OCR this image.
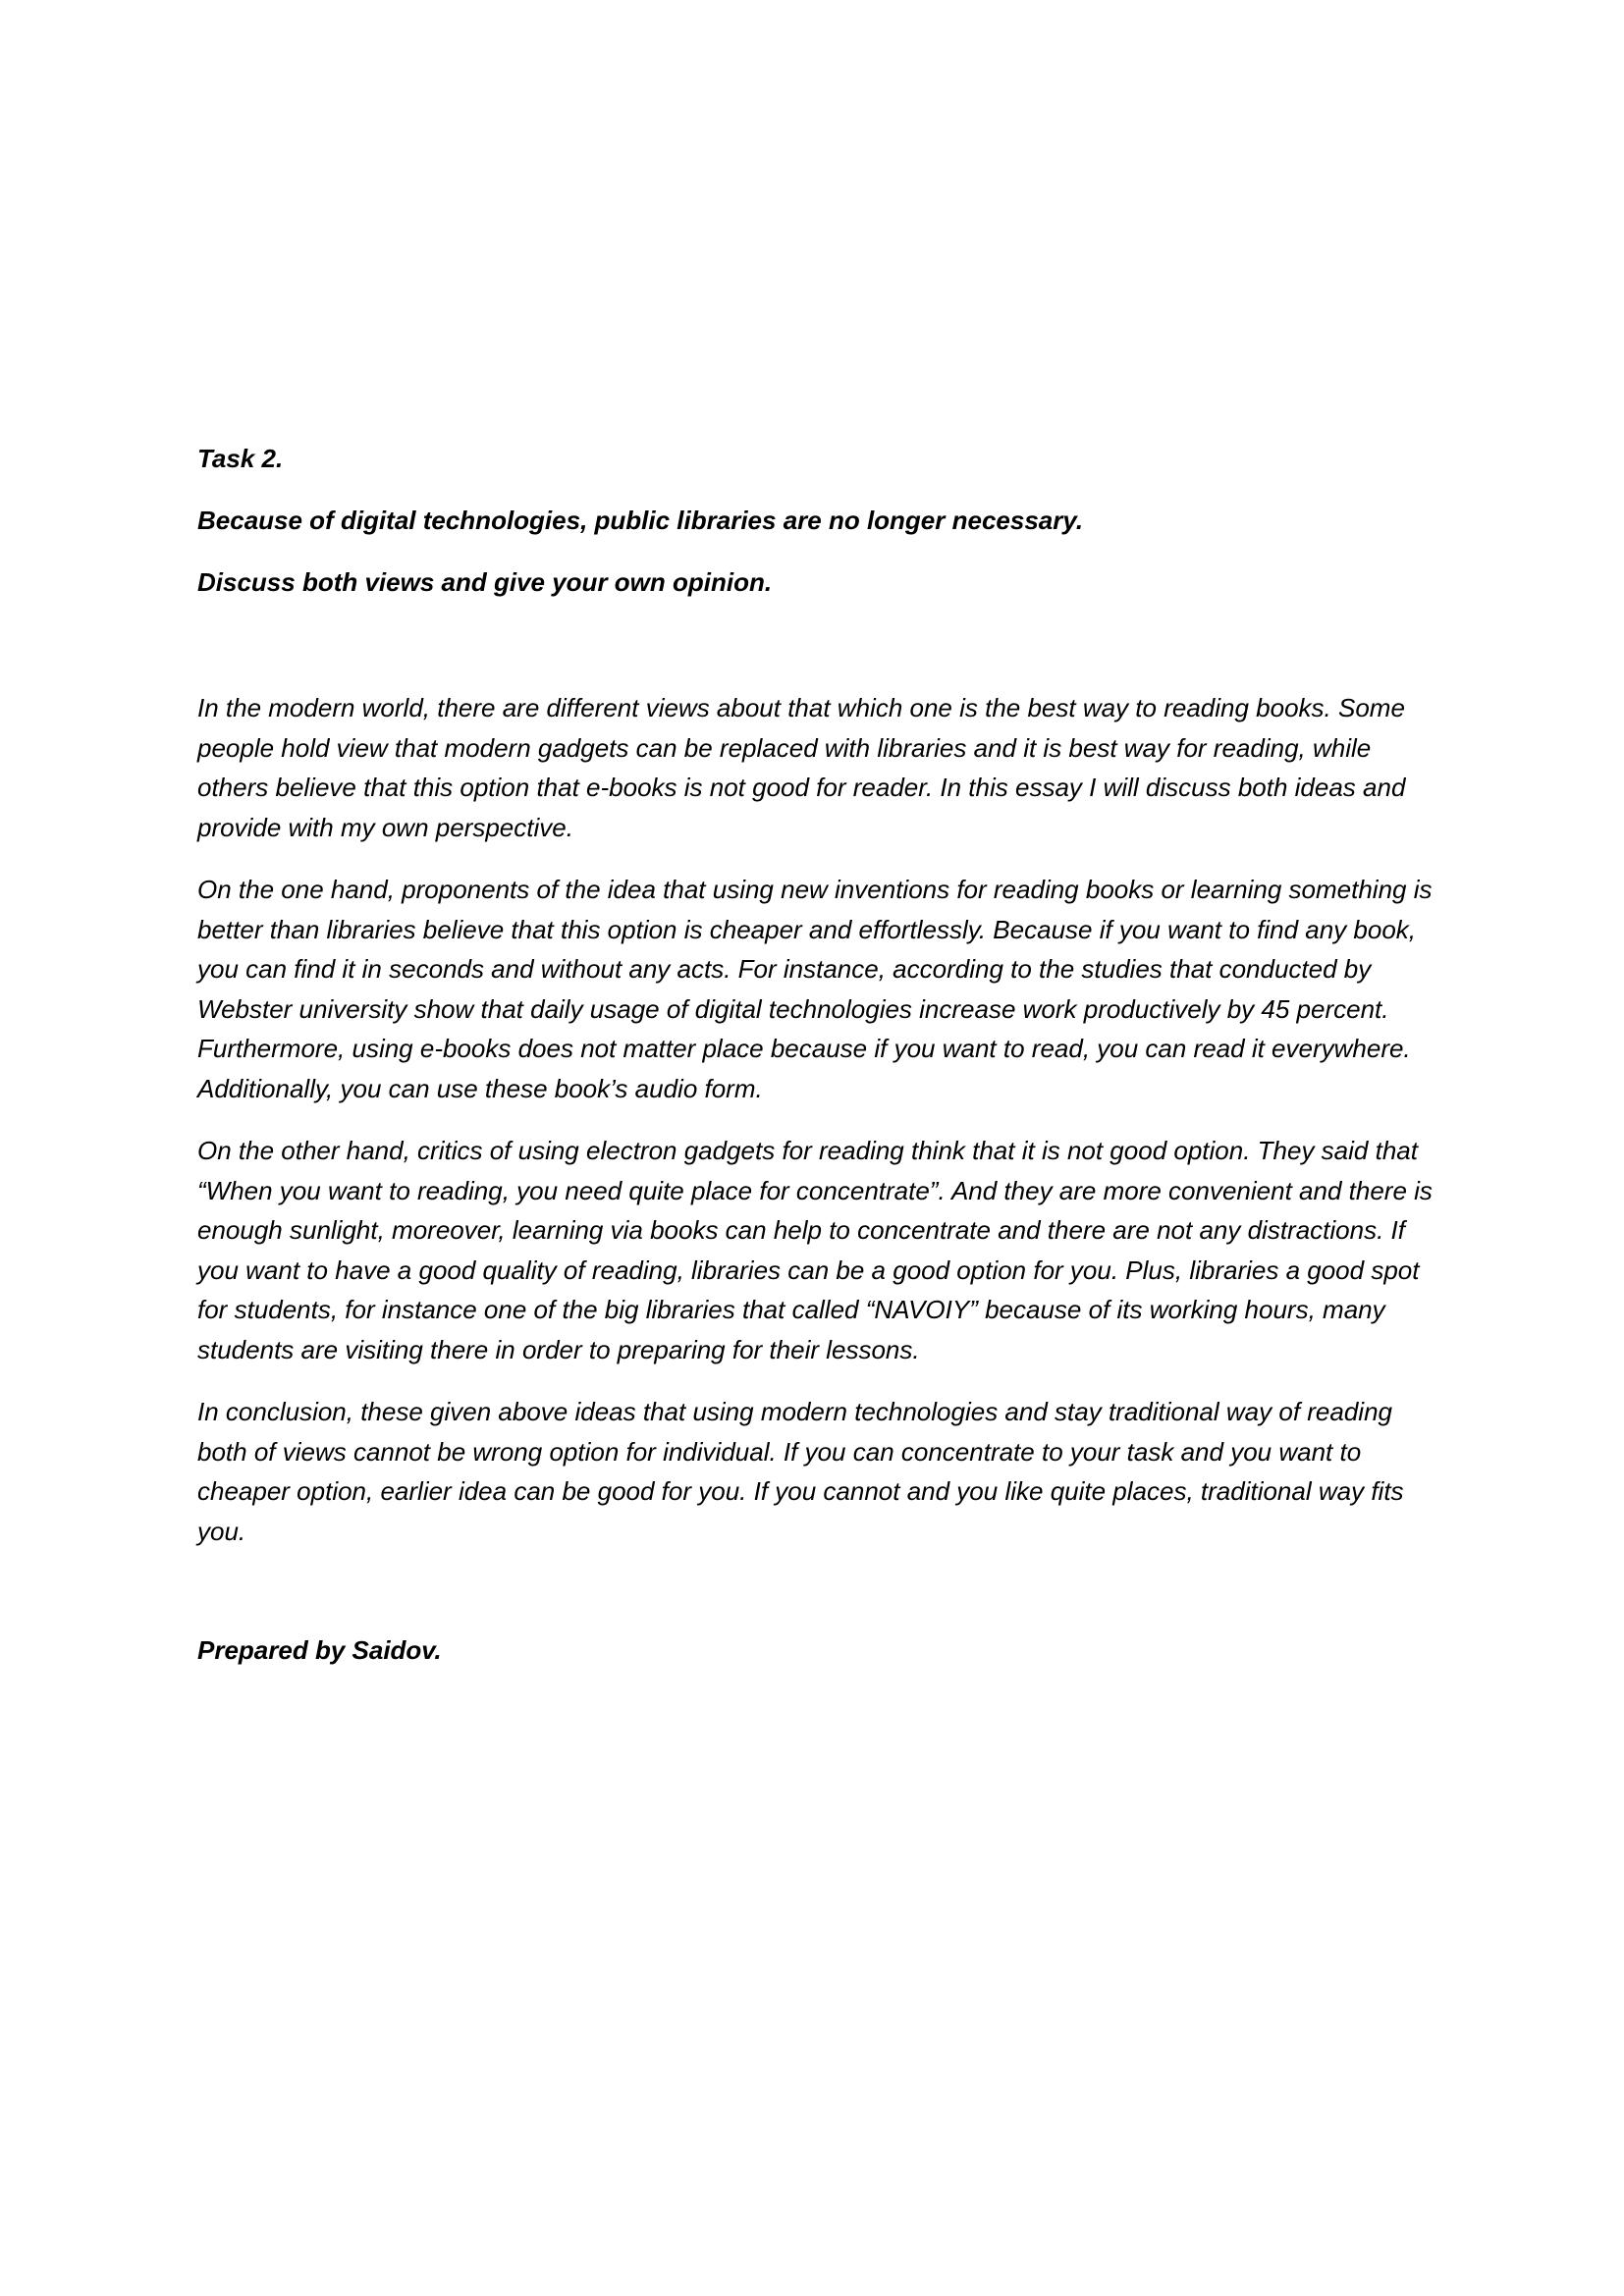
Task 2.

Because of digital technologies, public libraries are no longer necessary.

Discuss both views and give your own opinion.

In the modern world, there are different views about that which one is the best way to reading books. Some people hold view that modern gadgets can be replaced with libraries and it is best way for reading, while others believe that this option that e-books is not good for reader. In this essay I will discuss both ideas and provide with my own perspective.

On the one hand, proponents of the idea that using new inventions for reading books or learning something is better than libraries believe that this option is cheaper and effortlessly. Because if you want to find any book, you can find it in seconds and without any acts. For instance, according to the studies that conducted by Webster university show that daily usage of digital technologies increase work productively by 45 percent. Furthermore, using e-books does not matter place because if you want to read, you can read it everywhere. Additionally, you can use these book’s audio form.

On the other hand, critics of using electron gadgets for reading think that it is not good option. They said that “When you want to reading, you need quite place for concentrate”. And they are more convenient and there is enough sunlight, moreover, learning via books can help to concentrate and there are not any distractions. If you want to have a good quality of reading, libraries can be a good option for you. Plus, libraries a good spot for students, for instance one of the big libraries that called “NAVOIY” because of its working hours, many students are visiting there in order to preparing for their lessons.

In conclusion, these given above ideas that using modern technologies and stay traditional way of reading both of views cannot be wrong option for individual. If you can concentrate to your task and you want to cheaper option, earlier idea can be good for you. If you cannot and you like quite places, traditional way fits you.

Prepared by Saidov.
